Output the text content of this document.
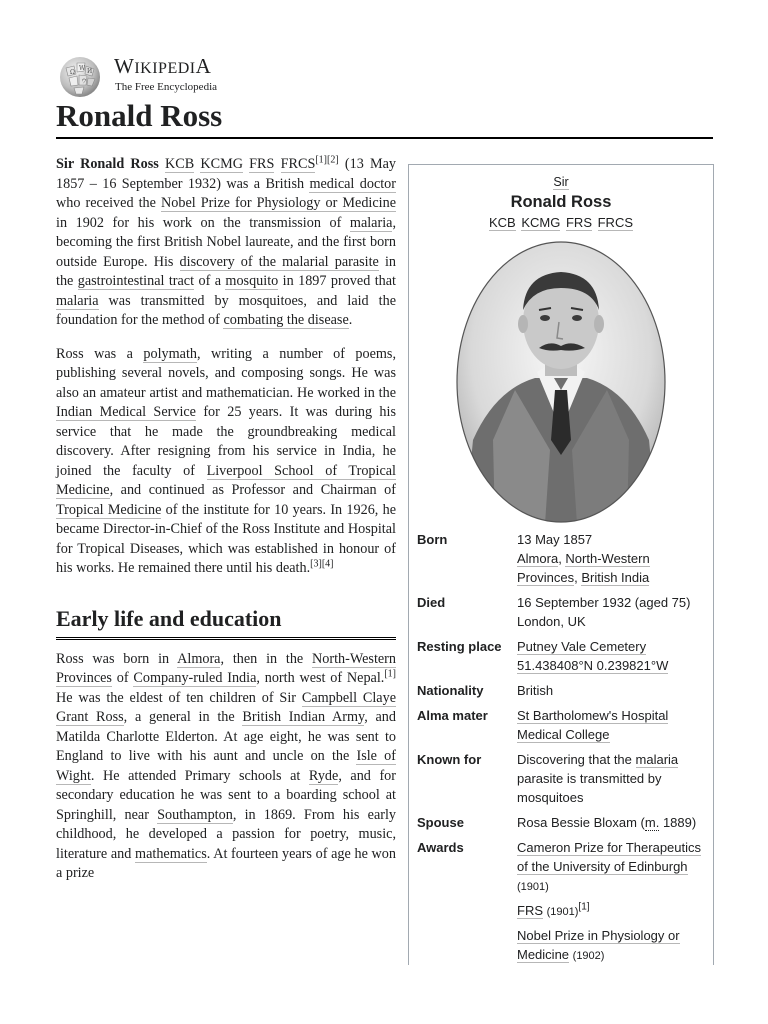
Ω
W И
ウ
WIKIPEDIA
The Free Encyclopedia
Ronald Ross

Sir Ronald Ross KCB KCMG FRS FRCS[1][2] (13 May 1857 – 16 September 1932) was a British medical doctor who received the Nobel Prize for Physiology or Medicine in 1902 for his work on the transmission of malaria, becoming the first British Nobel laureate, and the first born outside Europe. His discovery of the malarial parasite in the gastrointestinal tract of a mosquito in 1897 proved that malaria was transmitted by mosquitoes, and laid the foundation for the method of combating the disease.

Ross was a polymath, writing a number of poems, publishing several novels, and composing songs. He was also an amateur artist and mathematician. He worked in the Indian Medical Service for 25 years. It was during his service that he made the groundbreaking medical discovery. After resigning from his service in India, he joined the faculty of Liverpool School of Tropical Medicine, and continued as Professor and Chairman of Tropical Medicine of the institute for 10 years. In 1926, he became Director-in-Chief of the Ross Institute and Hospital for Tropical Diseases, which was established in honour of his works. He remained there until his death.[3][4]

Early life and education

Ross was born in Almora, then in the North-Western Provinces of Company-ruled India, north west of Nepal.[1] He was the eldest of ten children of Sir Campbell Claye Grant Ross, a general in the British Indian Army, and Matilda Charlotte Elderton. At age eight, he was sent to England to live with his aunt and uncle on the Isle of Wight. He attended Primary schools at Ryde, and for secondary education he was sent to a boarding school at Springhill, near Southampton, in 1869. From his early childhood, he developed a passion for poetry, music, literature and mathematics. At fourteen years of age he won a prize

Sir
Ronald Ross
KCB KCMG FRS FRCS
Born	13 May 1857
Almora, North-Western Provinces, British India

Died	16 September 1932 (aged 75)
London, UK

Resting place	Putney Vale Cemetery
51.438408°N 0.239821°W

Nationality	British
Alma mater	St Bartholomew's Hospital Medical College
Known for	Discovering that the malaria parasite is transmitted by mosquitoes
Spouse	Rosa Bessie Bloxam (m. 1889)
Awards	Cameron Prize for Therapeutics of the University of Edinburgh (1901)
FRS (1901)[1]
Nobel Prize in Physiology or Medicine (1902)
